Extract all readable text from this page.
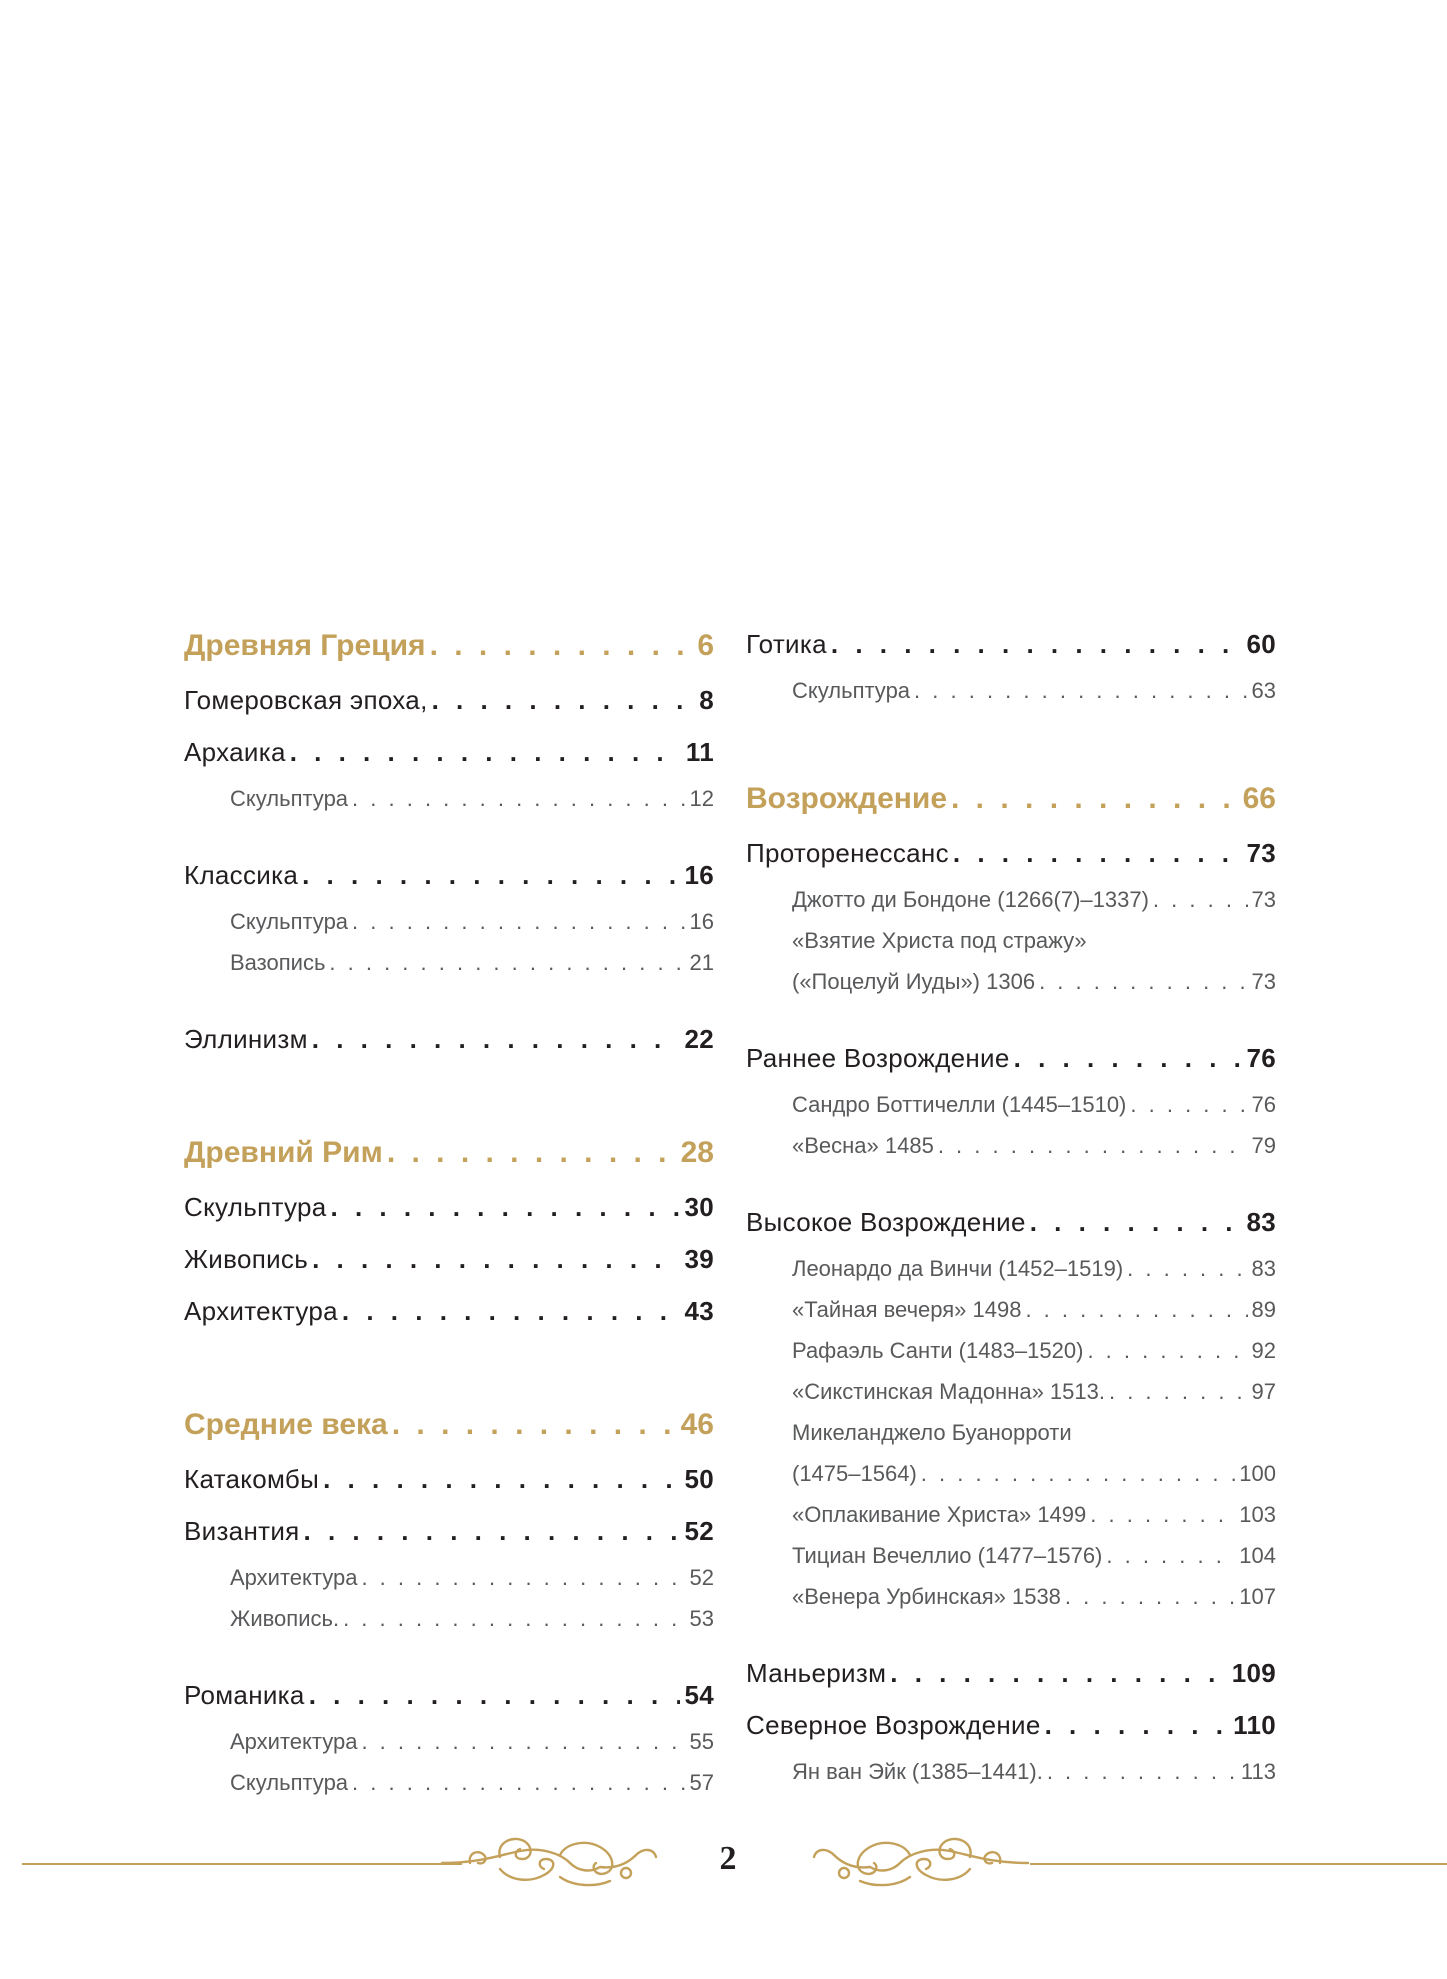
Древняя Греция . . .	6
Гомеровская эпоха, . . .	8
Архаика . . .	11
Скульптура . . .	12
Классика . . .	16
Скульптура . . .	16
Вазопись . . .	21
Эллинизм . . .	22
Древний Рим . . .	28
Скульптура . . .	30
Живопись . . .	39
Архитектура . . .	43
Средние века . . .	46
Катакомбы . . .	50
Византия . . .	52
Архитектура . . .	52
Живопись. . . .	53
Романика . . .	54
Архитектура . . .	55
Скульптура . . .	57
Готика . . .	60
Скульптура . . .	63
Возрождение . . .	66
Проторенессанс . . .	73
Джотто ди Бондоне (1266(7)–1337) . . .	73
«Взятие Христа под стражу»
(«Поцелуй Иуды») 1306 . . .	73
Раннее Возрождение . . .	76
Сандро Боттичелли (1445–1510) . . .	76
«Весна» 1485 . . .	79
Высокое Возрождение . . .	83
Леонардо да Винчи (1452–1519) . . .	83
«Тайная вечеря» 1498 . . .	89
Рафаэль Санти (1483–1520) . . .	92
«Сикстинская Мадонна» 1513. . . .	97
Микеланджело Буанорроти
(1475–1564) . . .	100
«Оплакивание Христа» 1499 . . .	103
Тициан Вечеллио (1477–1576) . . .	104
«Венера Урбинская» 1538 . . .	107
Маньеризм . . .	109
Северное Возрождение . . .	110
Ян ван Эйк (1385–1441). . . .	113
2
